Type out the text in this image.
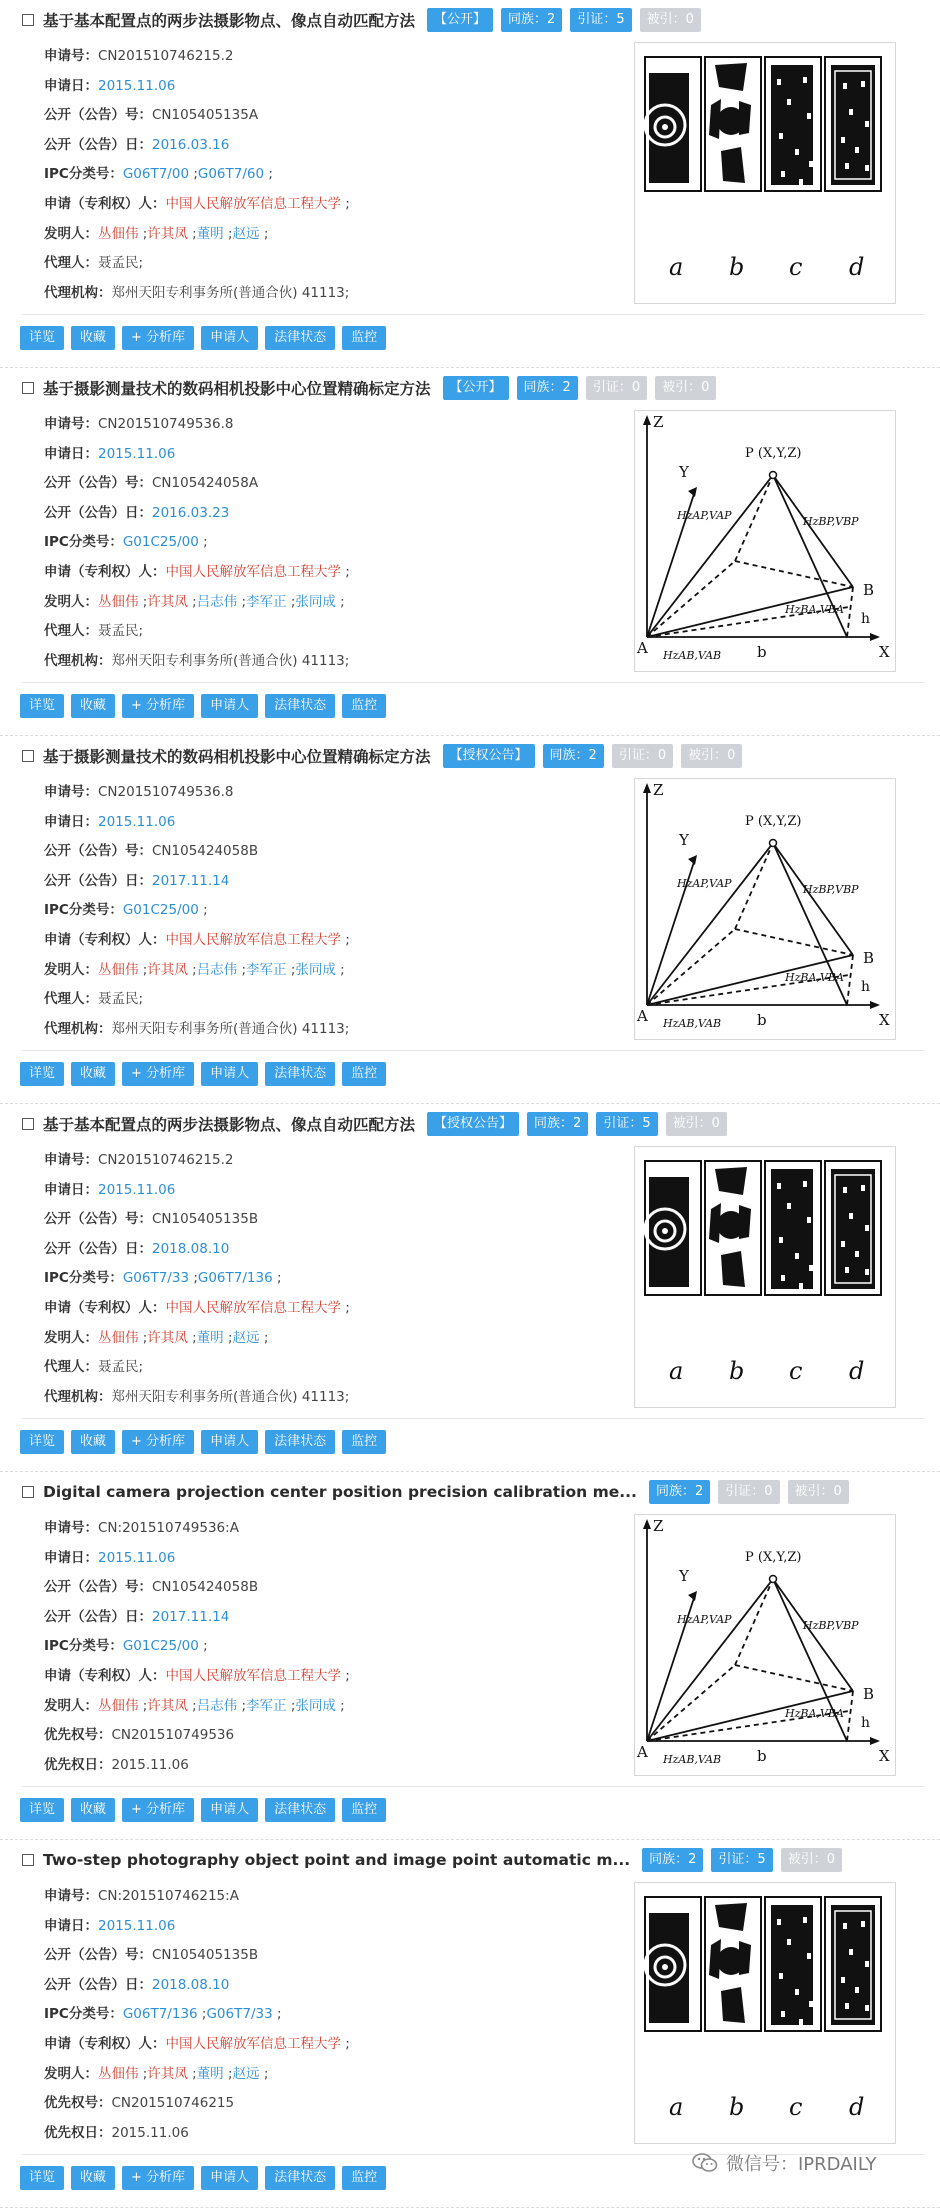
基于基本配置点的两步法摄影物点、像点自动匹配方法	【公开】	同族：2	引证：5	被引：0
申请号：CN201510746215.2
申请日：2015.11.06
公开（公告）号：CN105405135A
公开（公告）日：2016.03.16
IPC分类号：G06T7/00 ;G06T7/60 ;
申请（专利权）人：中国人民解放军信息工程大学 ;
发明人：丛佃伟 ;许其凤 ;董明 ;赵远 ;
代理人：聂孟民;
代理机构：郑州天阳专利事务所(普通合伙) 41113;
a b c d
详览	收藏	+ 分析库	申请人	法律状态	监控
基于摄影测量技术的数码相机投影中心位置精确标定方法	【公开】	同族：2	引证：0	被引：0
申请号：CN201510749536.8
申请日：2015.11.06
公开（公告）号：CN105424058A
公开（公告）日：2016.03.23
IPC分类号：G01C25/00 ;
申请（专利权）人：中国人民解放军信息工程大学 ;
发明人：丛佃伟 ;许其凤 ;吕志伟 ;李军正 ;张同成 ;
代理人：聂孟民;
代理机构：郑州天阳专利事务所(普通合伙) 41113;
Z
Y
X
A	b
B
h
P (X,Y,Z)
HzAP,VAP	HzBP,VBP
HzBA,VBA
HzAB,VAB
详览	收藏	+ 分析库	申请人	法律状态	监控
基于摄影测量技术的数码相机投影中心位置精确标定方法	【授权公告】	同族：2	引证：0	被引：0
申请号：CN201510749536.8
申请日：2015.11.06
公开（公告）号：CN105424058B
公开（公告）日：2017.11.14
IPC分类号：G01C25/00 ;
申请（专利权）人：中国人民解放军信息工程大学 ;
发明人：丛佃伟 ;许其凤 ;吕志伟 ;李军正 ;张同成 ;
代理人：聂孟民;
代理机构：郑州天阳专利事务所(普通合伙) 41113;
Z
Y
X
A	b
B
h
P (X,Y,Z)
HzAP,VAP	HzBP,VBP
HzBA,VBA
HzAB,VAB
详览	收藏	+ 分析库	申请人	法律状态	监控
基于基本配置点的两步法摄影物点、像点自动匹配方法	【授权公告】	同族：2	引证：5	被引：0
申请号：CN201510746215.2
申请日：2015.11.06
公开（公告）号：CN105405135B
公开（公告）日：2018.08.10
IPC分类号：G06T7/33 ;G06T7/136 ;
申请（专利权）人：中国人民解放军信息工程大学 ;
发明人：丛佃伟 ;许其凤 ;董明 ;赵远 ;
代理人：聂孟民;
代理机构：郑州天阳专利事务所(普通合伙) 41113;
a b c d
详览	收藏	+ 分析库	申请人	法律状态	监控
Digital camera projection center position precision calibration me...	同族：2	引证：0	被引：0
申请号：CN:201510749536:A
申请日：2015.11.06
公开（公告）号：CN105424058B
公开（公告）日：2017.11.14
IPC分类号：G01C25/00 ;
申请（专利权）人：中国人民解放军信息工程大学 ;
发明人：丛佃伟 ;许其凤 ;吕志伟 ;李军正 ;张同成 ;
优先权号：CN201510749536
优先权日：2015.11.06
Z
Y
X
A	b
B
h
P (X,Y,Z)
HzAP,VAP	HzBP,VBP
HzBA,VBA
HzAB,VAB
详览	收藏	+ 分析库	申请人	法律状态	监控
Two-step photography object point and image point automatic m...	同族：2	引证：5	被引：0
申请号：CN:201510746215:A
申请日：2015.11.06
公开（公告）号：CN105405135B
公开（公告）日：2018.08.10
IPC分类号：G06T7/136 ;G06T7/33 ;
申请（专利权）人：中国人民解放军信息工程大学 ;
发明人：丛佃伟 ;许其凤 ;董明 ;赵远 ;
优先权号：CN201510746215
优先权日：2015.11.06
a b c d
详览	收藏	+ 分析库	申请人	法律状态	监控
微信号：IPRDAILY
